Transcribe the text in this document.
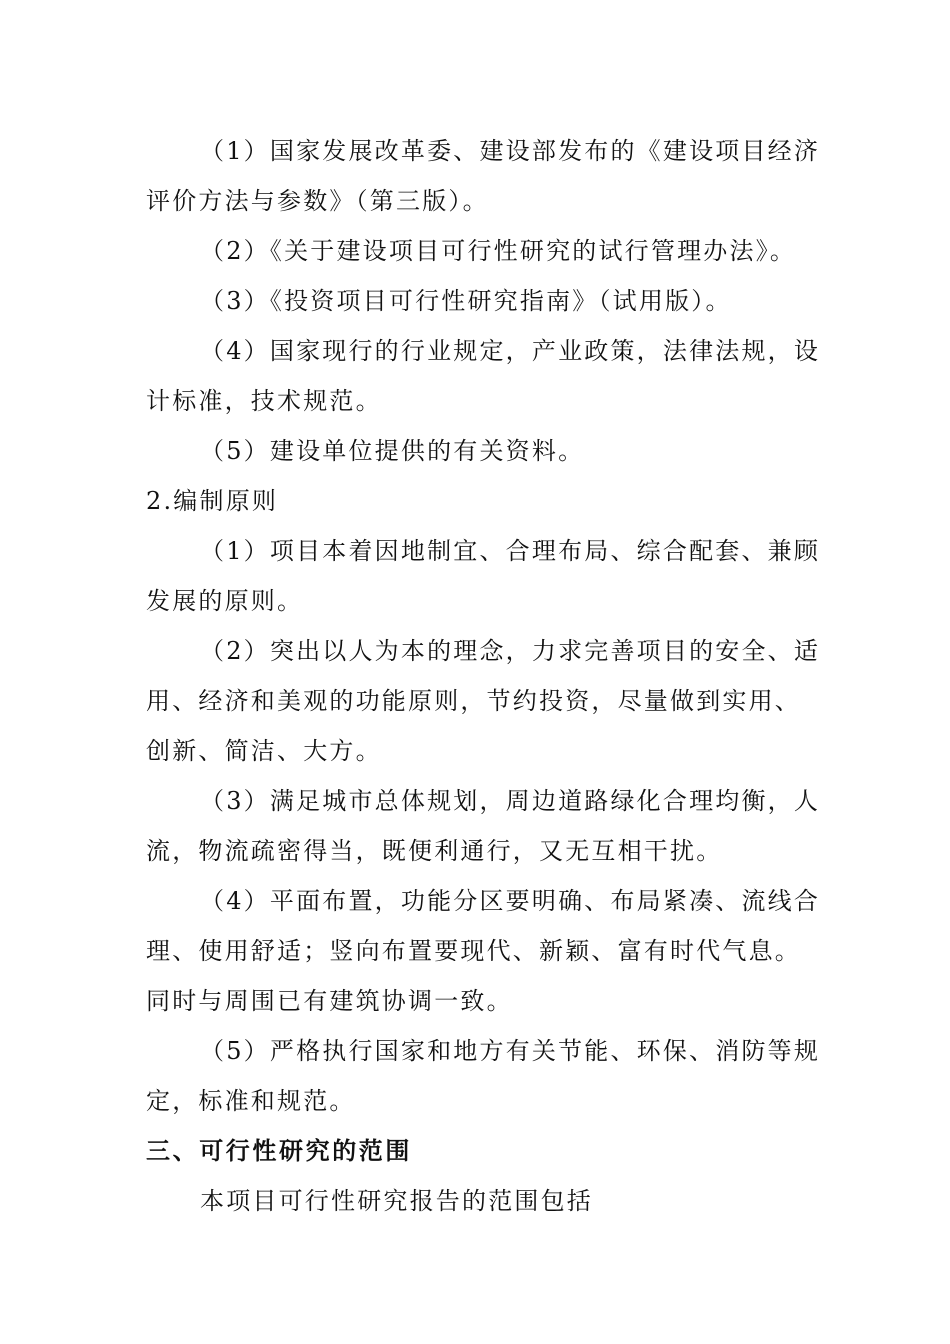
（1）国家发展改革委、建设部发布的《建设项目经济
评价方法与参数》（第三版）。
（2）《关于建设项目可行性研究的试行管理办法》。
（3）《投资项目可行性研究指南》（试用版）。
（4）国家现行的行业规定，产业政策，法律法规，设
计标准，技术规范。
（5）建设单位提供的有关资料。
2.编制原则
（1）项目本着因地制宜、合理布局、综合配套、兼顾
发展的原则。
（2）突出以人为本的理念，力求完善项目的安全、适
用、经济和美观的功能原则，节约投资，尽量做到实用、
创新、简洁、大方。
（3）满足城市总体规划，周边道路绿化合理均衡，人
流，物流疏密得当，既便利通行，又无互相干扰。
（4）平面布置，功能分区要明确、布局紧凑、流线合
理、使用舒适；竖向布置要现代、新颖、富有时代气息。
同时与周围已有建筑协调一致。
（5）严格执行国家和地方有关节能、环保、消防等规
定，标准和规范。
三、可行性研究的范围
本项目可行性研究报告的范围包括
